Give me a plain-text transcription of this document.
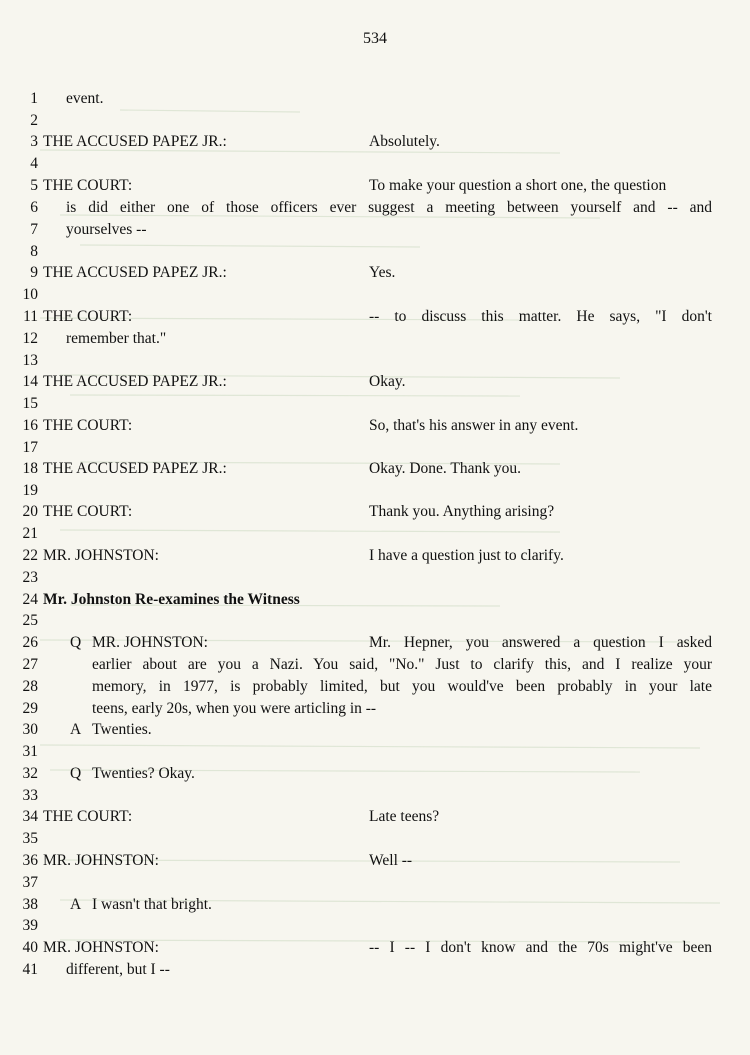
534
1 event.
2
3 THE ACCUSED PAPEZ JR.:	Absolutely.
4
5 THE COURT:	To make your question a short one, the question
6 is did either one of those officers ever suggest a meeting between yourself and -- and
7 yourselves --
8
9 THE ACCUSED PAPEZ JR.:	Yes.
10
11 THE COURT:	-- to discuss this matter. He says, "I don't
12 remember that."
13
14 THE ACCUSED PAPEZ JR.:	Okay.
15
16 THE COURT:	So, that's his answer in any event.
17
18 THE ACCUSED PAPEZ JR.:	Okay. Done. Thank you.
19
20 THE COURT:	Thank you. Anything arising?
21
22 MR. JOHNSTON:	I have a question just to clarify.
23
24 Mr. Johnston Re-examines the Witness
25
26 Q MR. JOHNSTON:	Mr. Hepner, you answered a question I asked
27	earlier about are you a Nazi. You said, "No." Just to clarify this, and I realize your
28	memory, in 1977, is probably limited, but you would've been probably in your late
29	teens, early 20s, when you were articling in --
30 A Twenties.
31
32 Q Twenties? Okay.
33
34 THE COURT:	Late teens?
35
36 MR. JOHNSTON:	Well --
37
38 A I wasn't that bright.
39
40 MR. JOHNSTON:	-- I -- I don't know and the 70s might've been
41 different, but I --
